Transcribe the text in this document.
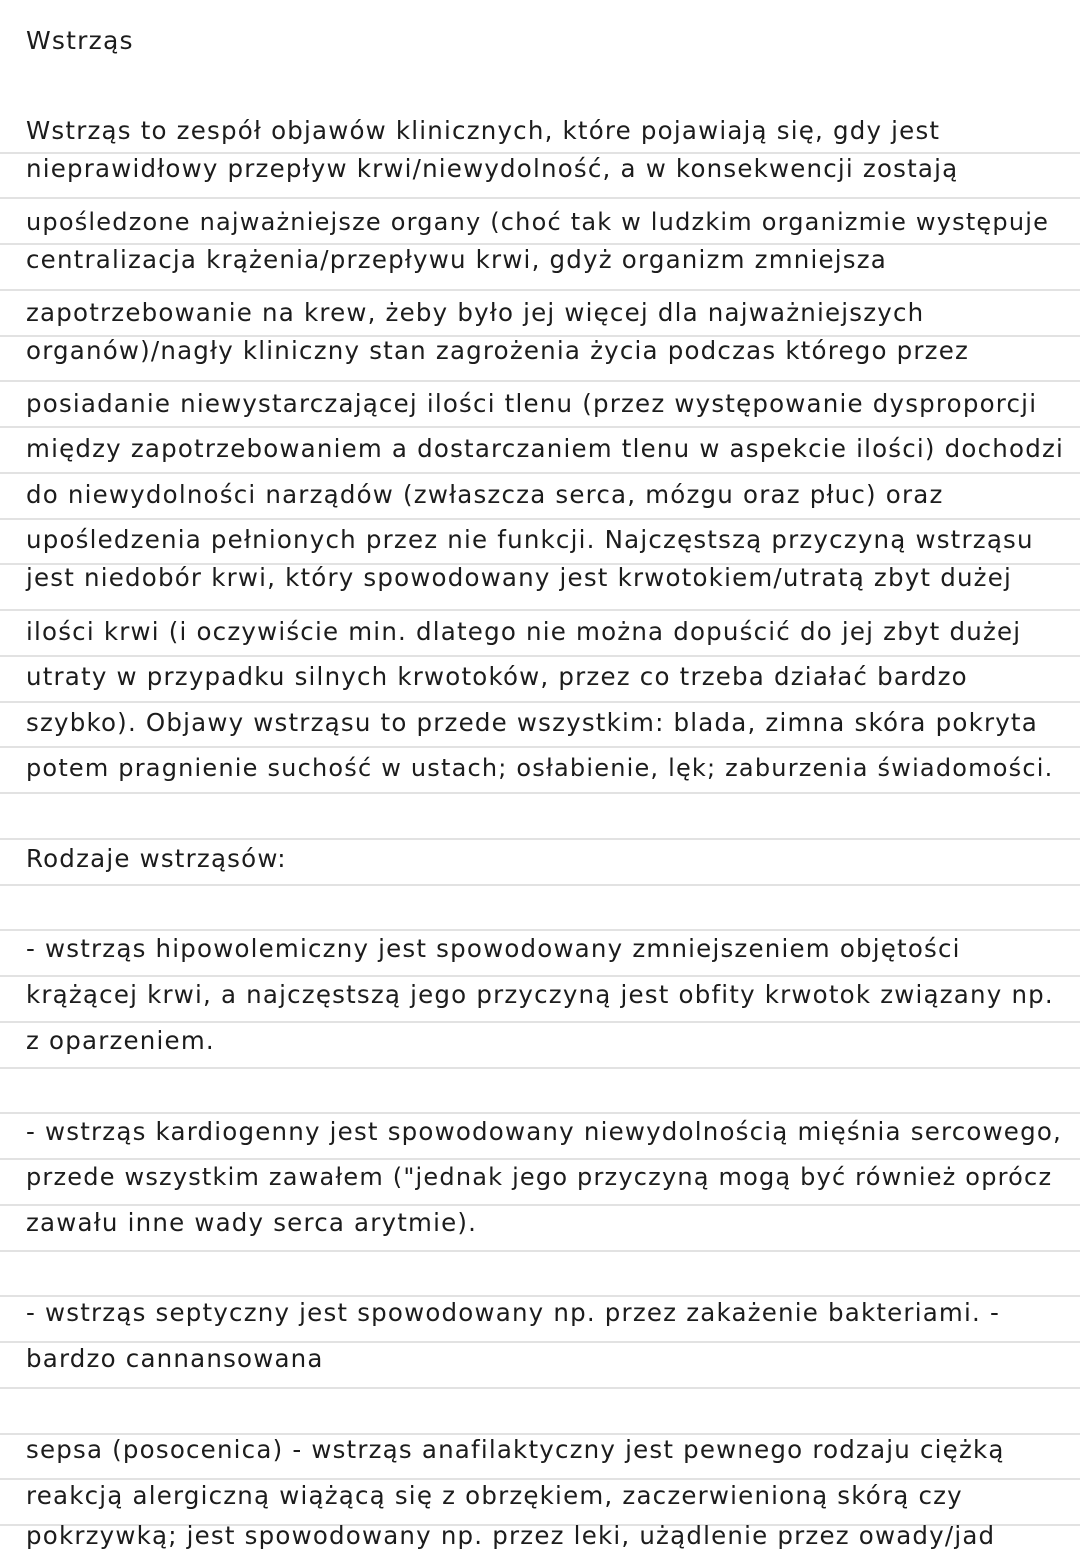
Wstrząs
Wstrząs to zespół objawów klinicznych, które pojawiają się, gdy jest
nieprawidłowy przepływ krwi/niewydolność, a w konsekwencji zostają
upośledzone najważniejsze organy (choć tak w ludzkim organizmie występuje
centralizacja krążenia/przepływu krwi, gdyż organizm zmniejsza
zapotrzebowanie na krew, żeby było jej więcej dla najważniejszych
organów)/nagły kliniczny stan zagrożenia życia podczas którego przez
posiadanie niewystarczającej ilości tlenu (przez występowanie dysproporcji
między zapotrzebowaniem a dostarczaniem tlenu w aspekcie ilości) dochodzi
do niewydolności narządów (zwłaszcza serca, mózgu oraz płuc) oraz
upośledzenia pełnionych przez nie funkcji. Najczęstszą przyczyną wstrząsu
jest niedobór krwi, który spowodowany jest krwotokiem/utratą zbyt dużej
ilości krwi (i oczywiście min. dlatego nie można dopuścić do jej zbyt dużej
utraty w przypadku silnych krwotoków, przez co trzeba działać bardzo
szybko). Objawy wstrząsu to przede wszystkim: blada, zimna skóra pokryta
potem pragnienie suchość w ustach; osłabienie, lęk; zaburzenia świadomości.
Rodzaje wstrząsów:
- wstrząs hipowolemiczny jest spowodowany zmniejszeniem objętości
krążącej krwi, a najczęstszą jego przyczyną jest obfity krwotok związany np.
z oparzeniem.
- wstrząs kardiogenny jest spowodowany niewydolnością mięśnia sercowego,
przede wszystkim zawałem ("jednak jego przyczyną mogą być również oprócz
zawału inne wady serca arytmie).
- wstrząs septyczny jest spowodowany np. przez zakażenie bakteriami. -
bardzo cannansowana
sepsa (posocenica) - wstrząs anafilaktyczny jest pewnego rodzaju ciężką
reakcją alergiczną wiążącą się z obrzękiem, zaczerwienioną skórą czy
pokrzywką; jest spowodowany np. przez leki, użądlenie przez owady/jad
